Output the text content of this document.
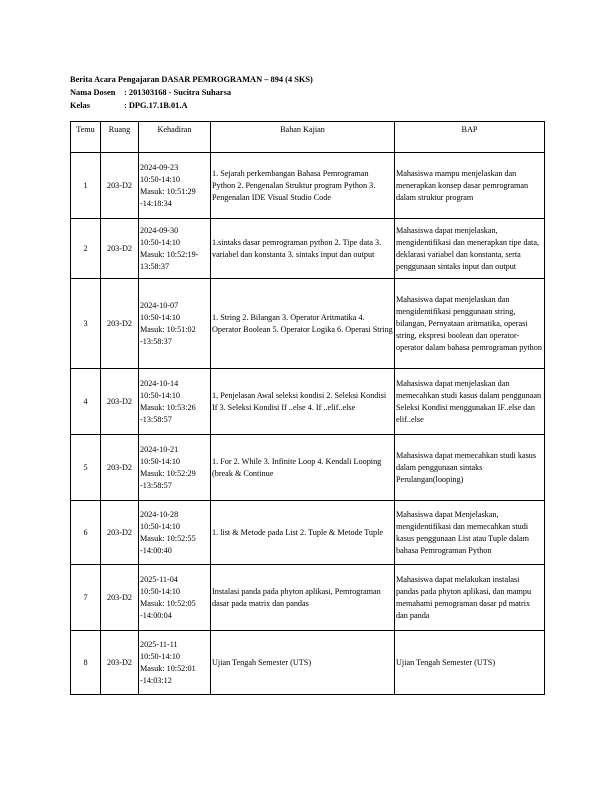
Berita Acara Pengajaran DASAR PEMROGRAMAN – 894 (4 SKS)
Nama Dosen : 201303168 - Sucitra Suharsa
Kelas	: DPG.17.1B.01.A
Temu	Ruang	Kehadiran	Bahan Kajian	BAP
1	203-D2	2024-09-23
10:50-14:10
Masuk: 10:51:29
-14:18:34	1. Sejarah perkembangan Bahasa Pemrograman Python 2. Pengenalan Struktur program Python 3. Pengenalan IDE Visual Studio Code	Mahasiswa mampu menjelaskan dan menerapkan konsep dasar pemrograman dalam struktur program
2	203-D2	2024-09-30
10:50-14:10
Masuk: 10:52:19-
13:58:37	1.sintaks dasar pemrograman python 2. Tipe data 3. variabel dan konstanta 3. sintaks input dan output	Mahasiswa dapat menjelaskan, mengidentifikasi dan menerapkan tipe data, deklarasi variabel dan konstanta, serta penggunaan sintaks input dan output
3	203-D2	2024-10-07
10:50-14:10
Masuk: 10:51:02
-13:58:37	1. String 2. Bilangan 3. Operator Aritmatika 4. Operator Boolean 5. Operator Logika 6. Operasi String	Mahasiswa dapat menjelaskan dan mengidentifikasi penggunaan string, bilangan, Pernyataan aritmatika, operasi string, ekspresi boolean dan operator-operator dalam bahasa pemrograman python
4	203-D2	2024-10-14
10:50-14:10
Masuk: 10:53:26
-13:58:57	1. Penjelasan Awal seleksi kondisi 2. Seleksi Kondisi If 3. Seleksi Kondisi If ..else 4. If ..elif..else	Mahasiswa dapat menjelaskan dan memecahkan studi kasus dalam penggunaan Seleksi Kondisi menggunakan IF..else dan elif..else
5	203-D2	2024-10-21
10:50-14:10
Masuk: 10:52:29
-13:58:57	1. For 2. While 3. Infinite Loop 4. Kendali Looping (break & Continue	Mahasiswa dapat memecahkan studi kasus dalam penggunaan sintaks Perulangan(looping)
6	203-D2	2024-10-28
10:50-14:10
Masuk: 10:52:55
-14:00:40	1. list & Metode pada List 2. Tuple & Metode Tuple	Mahasiswa dapat Menjelaskan, mengidentifikasi dan memecahkan studi kasus penggunaan List atau Tuple dalam bahasa Pemrograman Python
7	203-D2	2025-11-04
10:50-14:10
Masuk: 10:52:05
-14:00:04	Instalasi panda pada phyton aplikasi, Pemrograman dasar pada matrix dan pandas	Mahasiswa dapat melakukan instalasi pandas pada phyton aplikasi, dan mampu memahami pemograman dasar pd matrix dan panda
8	203-D2	2025-11-11
10:50-14:10
Masuk: 10:52:01
-14:03:12	Ujian Tengah Semester (UTS)	Ujian Tengah Semester (UTS)
